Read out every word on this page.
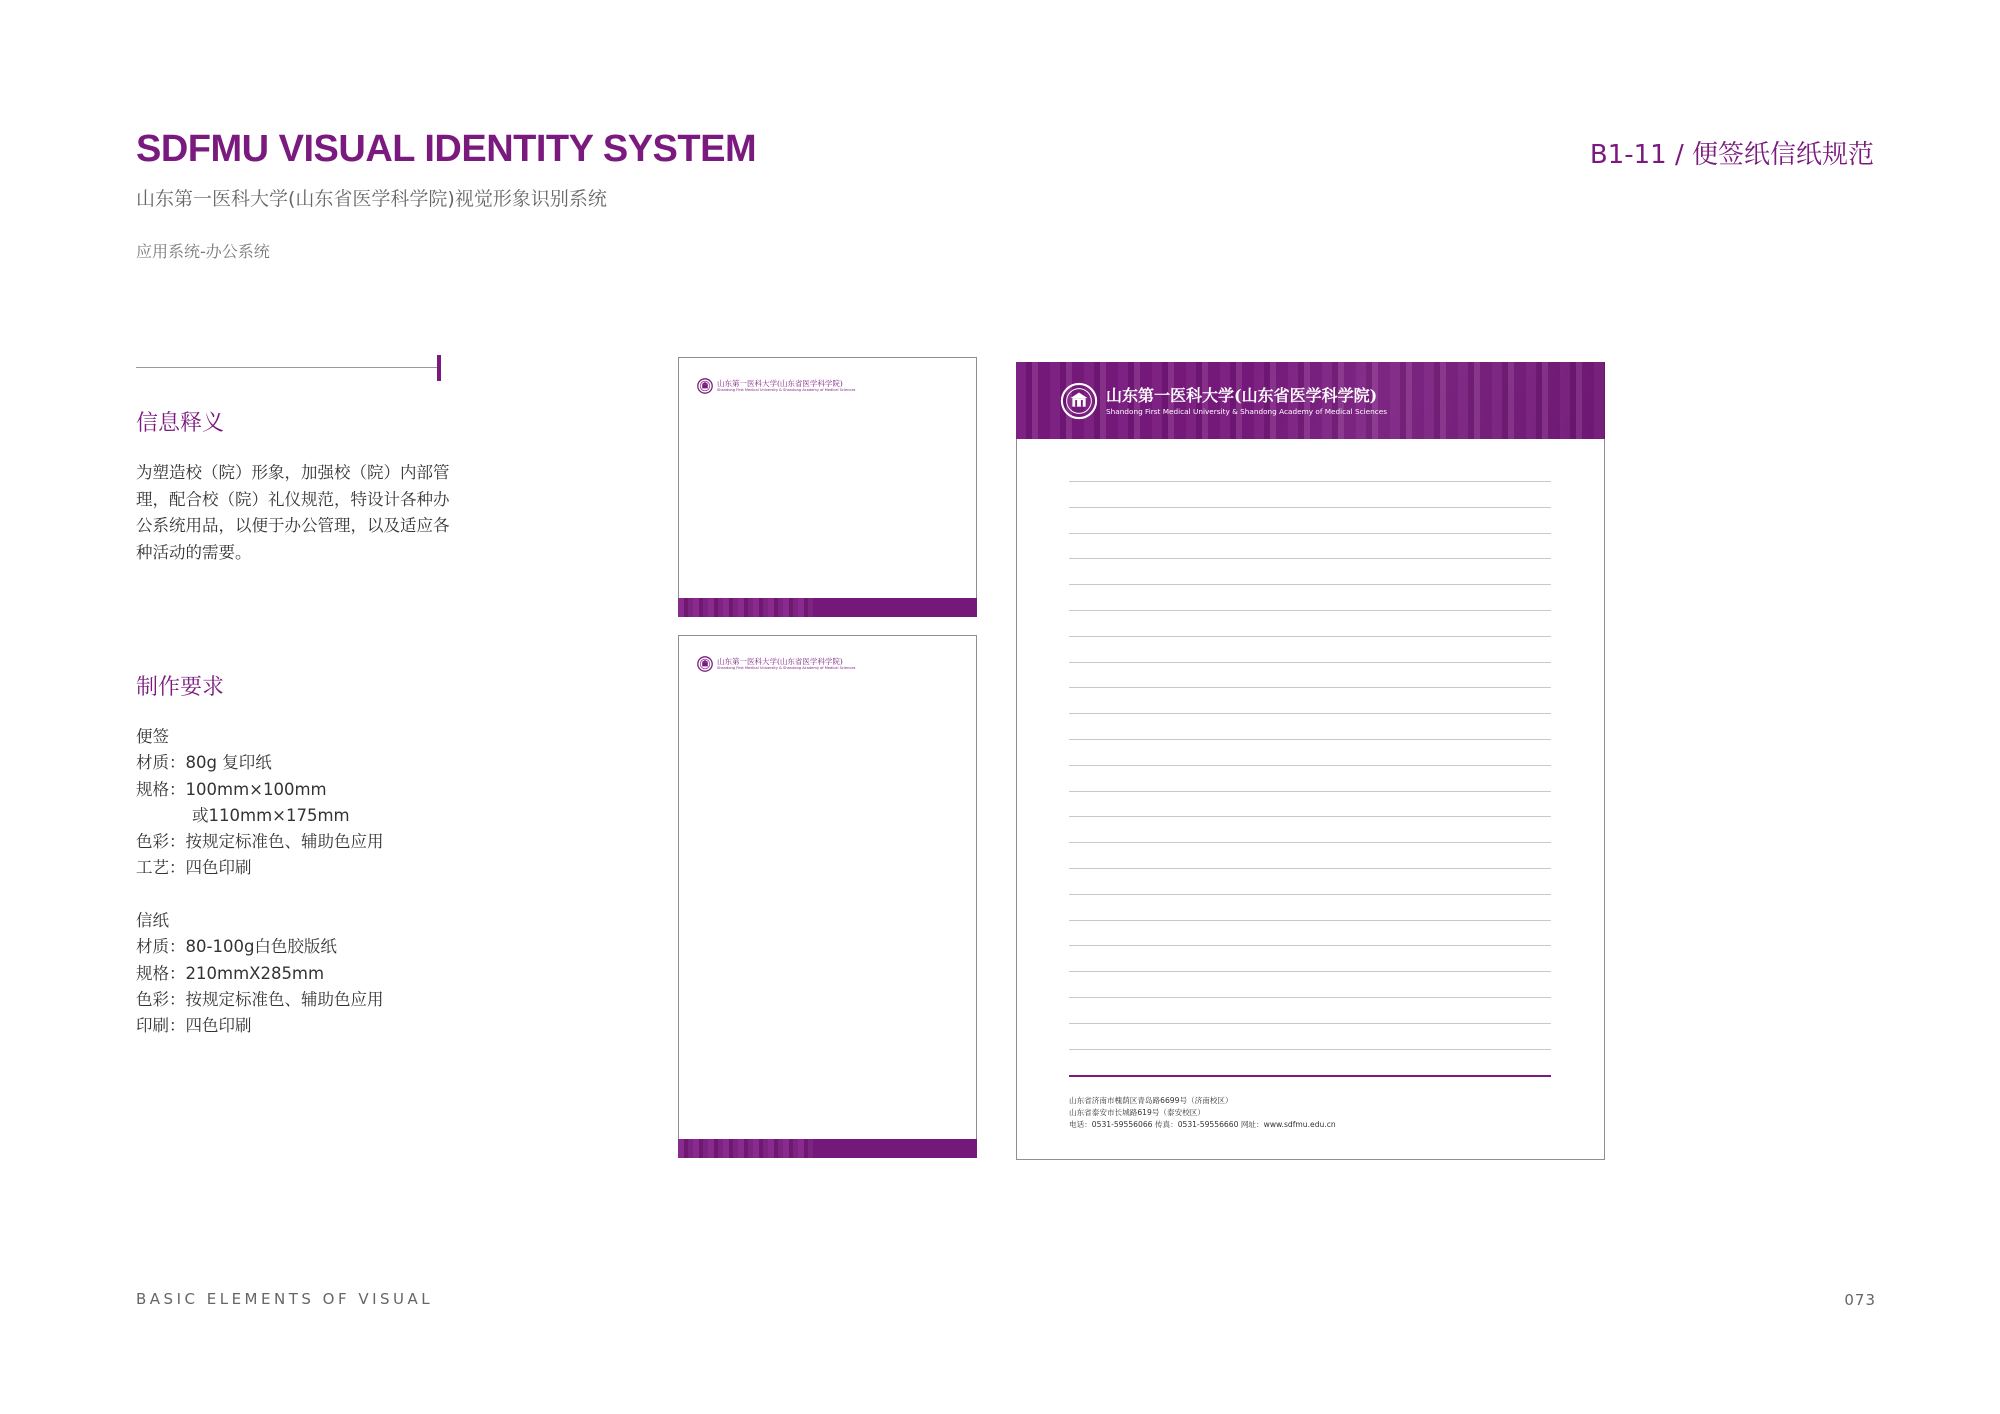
SDFMU VISUAL IDENTITY SYSTEM
山东第一医科大学(山东省医学科学院)视觉形象识别系统
应用系统-办公系统
B1-11 / 便签纸信纸规范
信息释义
为塑造校（院）形象，加强校（院）内部管理，配合校（院）礼仪规范，特设计各种办公系统用品，以便于办公管理，以及适应各种活动的需要。
制作要求
便签
材质：80g 复印纸
规格：100mm×100mm
或110mm×175mm
色彩：按规定标准色、辅助色应用
工艺：四色印刷
信纸
材质：80-100g白色胶版纸
规格：210mmX285mm
色彩：按规定标准色、辅助色应用
印刷：四色印刷
山东第一医科大学(山东省医学科学院)
Shandong First Medical University & Shandong Academy of Medical Sciences
山东第一医科大学(山东省医学科学院)
Shandong First Medical University & Shandong Academy of Medical Sciences
山东第一医科大学(山东省医学科学院)
Shandong First Medical University & Shandong Academy of Medical Sciences
山东省济南市槐荫区青岛路6699号（济南校区）
山东省泰安市长城路619号（泰安校区）
电话：0531-59556066 传真：0531-59556660 网址：www.sdfmu.edu.cn
BASIC ELEMENTS OF VISUAL	073
